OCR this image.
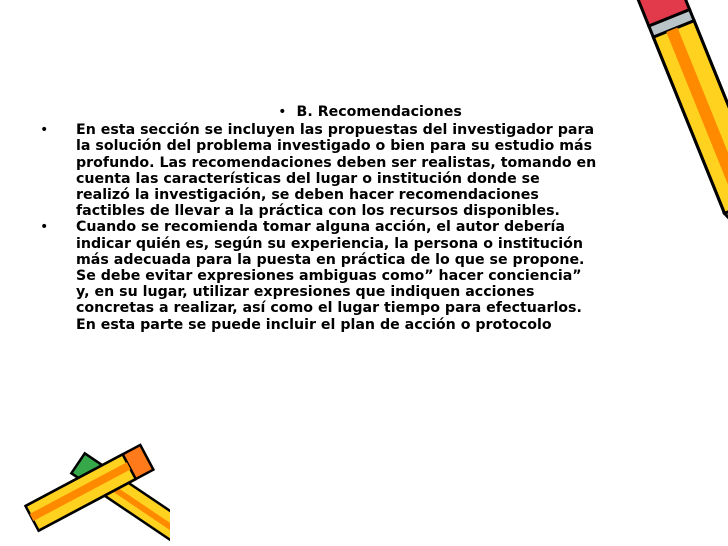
• B. Recomendaciones
• En esta sección se incluyen las propuestas del investigador para
la solución del problema investigado o bien para su estudio más
profundo. Las recomendaciones deben ser realistas, tomando en
cuenta las características del lugar o institución donde se
realizó la investigación, se deben hacer recomendaciones
factibles de llevar a la práctica con los recursos disponibles.
• Cuando se recomienda tomar alguna acción, el autor debería
indicar quién es, según su experiencia, la persona o institución
más adecuada para la puesta en práctica de lo que se propone.
Se debe evitar expresiones ambiguas como” hacer conciencia”
y, en su lugar, utilizar expresiones que indiquen acciones
concretas a realizar, así como el lugar tiempo para efectuarlos.
En esta parte se puede incluir el plan de acción o protocolo
